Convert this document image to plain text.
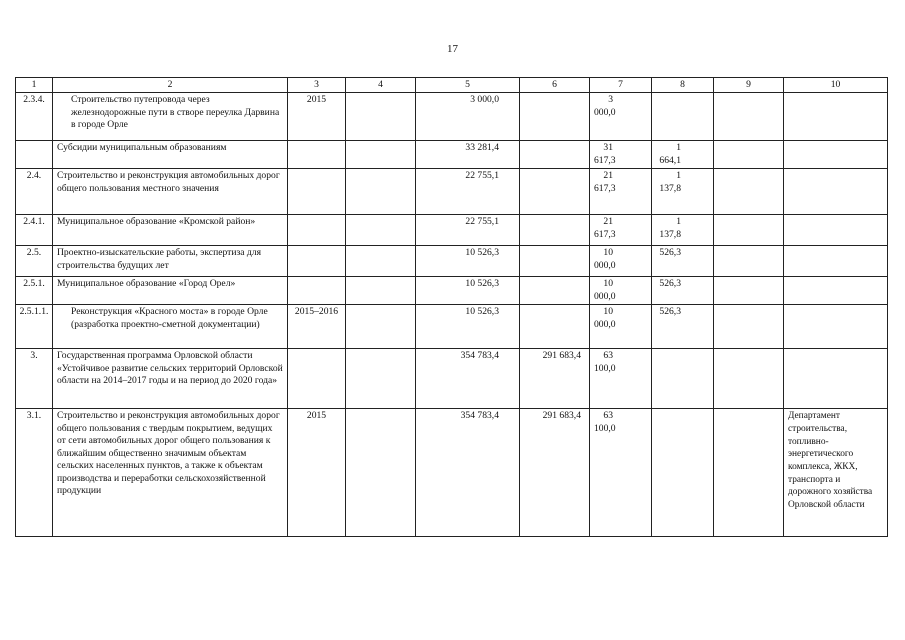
17
1	2	3	4	5	6	7	8	9	10
2.3.4.	Строительство путепровода через железнодорожные пути в створе переулка Дарвина в городе Орле	2015		3 000,0		3 000,0			
	Субсидии муниципальным образованиям			33 281,4		31 617,3	1 664,1		
2.4.	Строительство и реконструкция автомобильных дорог общего пользования местного значения			22 755,1		21 617,3	1 137,8		
2.4.1.	Муниципальное образование «Кромской район»			22 755,1		21 617,3	1 137,8		
2.5.	Проектно-изыскательские работы, экспертиза для строительства будущих лет			10 526,3		10 000,0	526,3		
2.5.1.	Муниципальное образование «Город Орел»			10 526,3		10 000,0	526,3		
2.5.1.1.	Реконструкция «Красного моста» в городе Орле (разработка проектно-сметной документации)	2015–2016		10 526,3		10 000,0	526,3		
3.	Государственная программа Орловской области «Устойчивое развитие сельских территорий Орловской области на 2014–2017 годы и на период до 2020 года»			354 783,4	291 683,4	63 100,0			
3.1.	Строительство и реконструкция автомобильных дорог общего пользования с твердым покрытием, ведущих от сети автомобильных дорог общего пользования к ближайшим общественно значимым объектам сельских населенных пунктов, а также к объектам производства и переработки сельскохозяйственной продукции	2015		354 783,4	291 683,4	63 100,0			Департамент строительства, топливно-энергетического комплекса, ЖКХ, транспорта и дорожного хозяйства Орловской области
